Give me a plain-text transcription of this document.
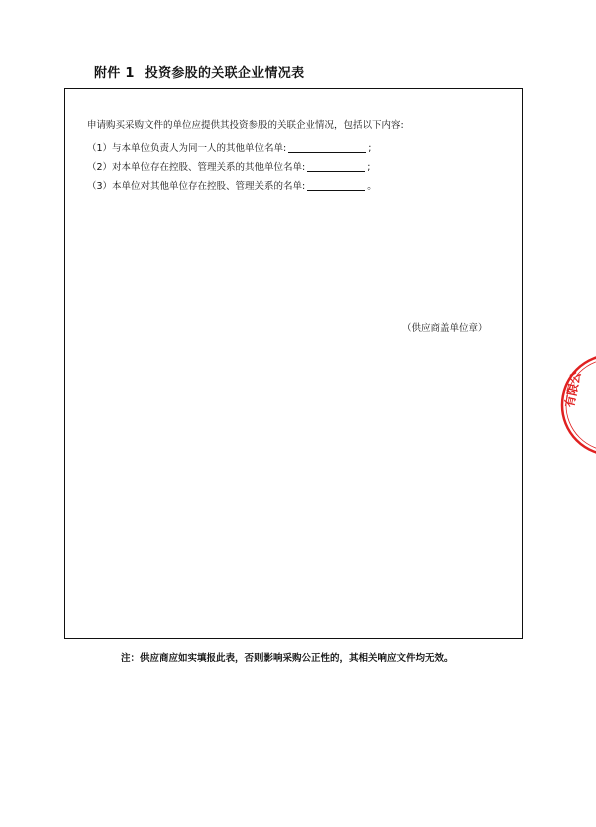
附件 1 投资参股的关联企业情况表
申请购买采购文件的单位应提供其投资参股的关联企业情况，包括以下内容:
（1）与本单位负责人为同一人的其他单位名单:	;
（2）对本单位存在控股、管理关系的其他单位名单:	;
（3）本单位对其他单位存在控股、管理关系的名单:	。
（供应商盖单位章）
注：供应商应如实填报此表，否则影响采购公正性的，其相关响应文件均无效。
有限公
